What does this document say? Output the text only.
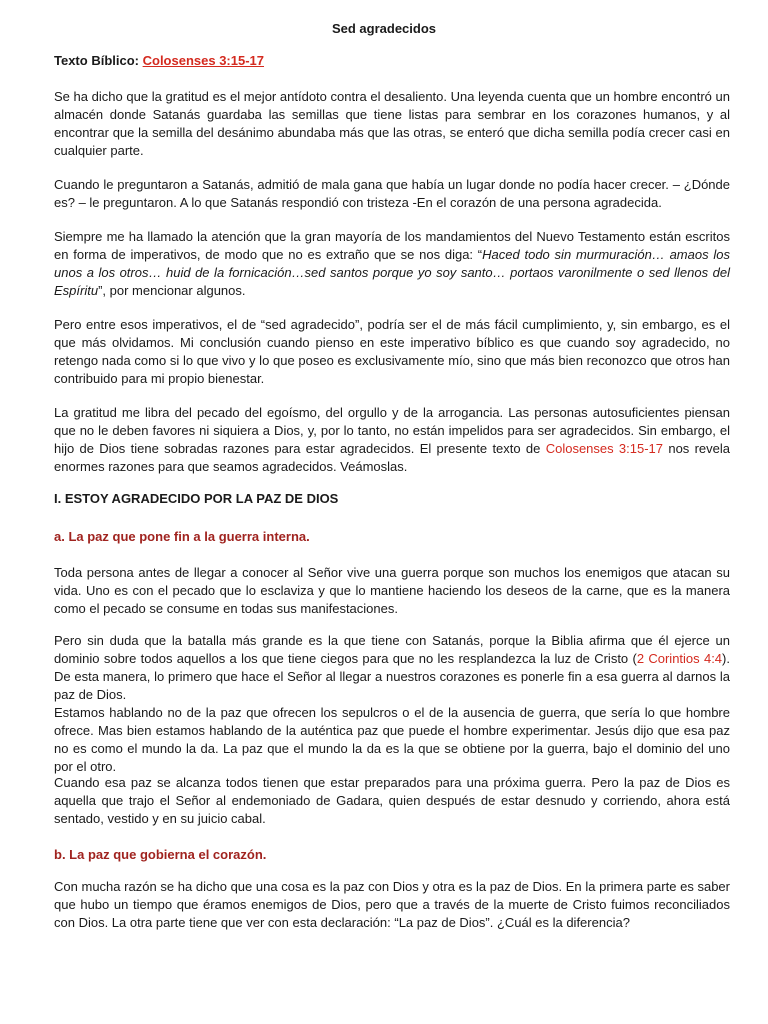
Sed agradecidos

Texto Bíblico: Colosenses 3:15-17

Se ha dicho que la gratitud es el mejor antídoto contra el desaliento. Una leyenda cuenta que un hombre encontró un almacén donde Satanás guardaba las semillas que tiene listas para sembrar en los corazones humanos, y al encontrar que la semilla del desánimo abundaba más que las otras, se enteró que dicha semilla podía crecer casi en cualquier parte.

Cuando le preguntaron a Satanás, admitió de mala gana que había un lugar donde no podía hacer crecer. – ¿Dónde es? – le preguntaron. A lo que Satanás respondió con tristeza -En el corazón de una persona agradecida.

Siempre me ha llamado la atención que la gran mayoría de los mandamientos del Nuevo Testamento están escritos en forma de imperativos, de modo que no es extraño que se nos diga: “Haced todo sin murmuración… amaos los unos a los otros… huid de la fornicación…sed santos porque yo soy santo… portaos varonilmente o sed llenos del Espíritu”, por mencionar algunos.

Pero entre esos imperativos, el de “sed agradecido”, podría ser el de más fácil cumplimiento, y, sin embargo, es el que más olvidamos. Mi conclusión cuando pienso en este imperativo bíblico es que cuando soy agradecido, no retengo nada como si lo que vivo y lo que poseo es exclusivamente mío, sino que más bien reconozco que otros han contribuido para mi propio bienestar.

La gratitud me libra del pecado del egoísmo, del orgullo y de la arrogancia. Las personas autosuficientes piensan que no le deben favores ni siquiera a Dios, y, por lo tanto, no están impelidos para ser agradecidos. Sin embargo, el hijo de Dios tiene sobradas razones para estar agradecidos. El presente texto de Colosenses 3:15-17 nos revela enormes razones para que seamos agradecidos. Veámoslas.

I. ESTOY AGRADECIDO POR LA PAZ DE DIOS

a. La paz que pone fin a la guerra interna.

Toda persona antes de llegar a conocer al Señor vive una guerra porque son muchos los enemigos que atacan su vida. Uno es con el pecado que lo esclaviza y que lo mantiene haciendo los deseos de la carne, que es la manera como el pecado se consume en todas sus manifestaciones.

Pero sin duda que la batalla más grande es la que tiene con Satanás, porque la Biblia afirma que él ejerce un dominio sobre todos aquellos a los que tiene ciegos para que no les resplandezca la luz de Cristo (2 Corintios 4:4). De esta manera, lo primero que hace el Señor al llegar a nuestros corazones es ponerle fin a esa guerra al darnos la paz de Dios.

Estamos hablando no de la paz que ofrecen los sepulcros o el de la ausencia de guerra, que sería lo que hombre ofrece. Mas bien estamos hablando de la auténtica paz que puede el hombre experimentar. Jesús dijo que esa paz no es como el mundo la da. La paz que el mundo la da es la que se obtiene por la guerra, bajo el dominio del uno por el otro.

Cuando esa paz se alcanza todos tienen que estar preparados para una próxima guerra. Pero la paz de Dios es aquella que trajo el Señor al endemoniado de Gadara, quien después de estar desnudo y corriendo, ahora está sentado, vestido y en su juicio cabal.

b. La paz que gobierna el corazón.

Con mucha razón se ha dicho que una cosa es la paz con Dios y otra es la paz de Dios. En la primera parte es saber que hubo un tiempo que éramos enemigos de Dios, pero que a través de la muerte de Cristo fuimos reconciliados con Dios. La otra parte tiene que ver con esta declaración: “La paz de Dios”. ¿Cuál es la diferencia?
